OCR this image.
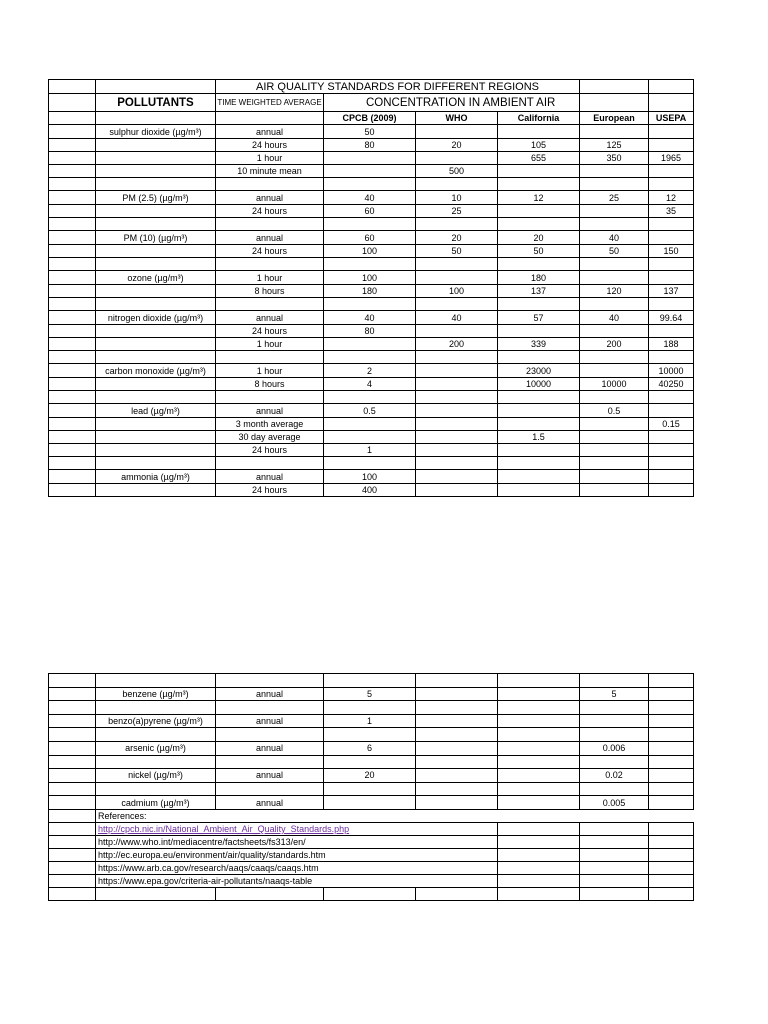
		AIR QUALITY STANDARDS FOR DIFFERENT REGIONS					
	POLLUTANTS	TIME WEIGHTED AVERAGE	CONCENTRATION IN AMBIENT AIR				
			CPCB (2009)	WHO	California	European	USEPA
	sulphur dioxide (µg/m³)	annual	50				
		24 hours	80	20	105	125	
		1 hour			655	350	1965
		10 minute mean		500			

	PM (2.5) (µg/m³)	annual	40	10	12	25	12
		24 hours	60	25			35

	PM (10) (µg/m³)	annual	60	20	20	40	
		24 hours	100	50	50	50	150

	ozone (µg/m³)	1 hour	100		180		
		8 hours	180	100	137	120	137

	nitrogen dioxide (µg/m³)	annual	40	40	57	40	99.64
		24 hours	80				
		1 hour		200	339	200	188

	carbon monoxide (µg/m³)	1 hour	2		23000		10000
		8 hours	4		10000	10000	40250

	lead (µg/m³)	annual	0.5			0.5	
		3 month average					0.15
		30 day average			1.5		
		24 hours	1				

	ammonia (µg/m³)	annual	100				
		24 hours	400				

	benzene (µg/m³)	annual	5			5	

	benzo(a)pyrene (µg/m³)	annual	1				

	arsenic (µg/m³)	annual	6			0.006	

	nickel (µg/m³)	annual	20			0.02	

	cadmium (µg/m³)	annual				0.005	
	References:						
	http://cpcb.nic.in/National_Ambient_Air_Quality_Standards.php						
	http://www.who.int/mediacentre/factsheets/fs313/en/						
	http://ec.europa.eu/environment/air/quality/standards.htm						
	https://www.arb.ca.gov/research/aaqs/caaqs/caaqs.htm						
	https://www.epa.gov/criteria-air-pollutants/naaqs-table						
